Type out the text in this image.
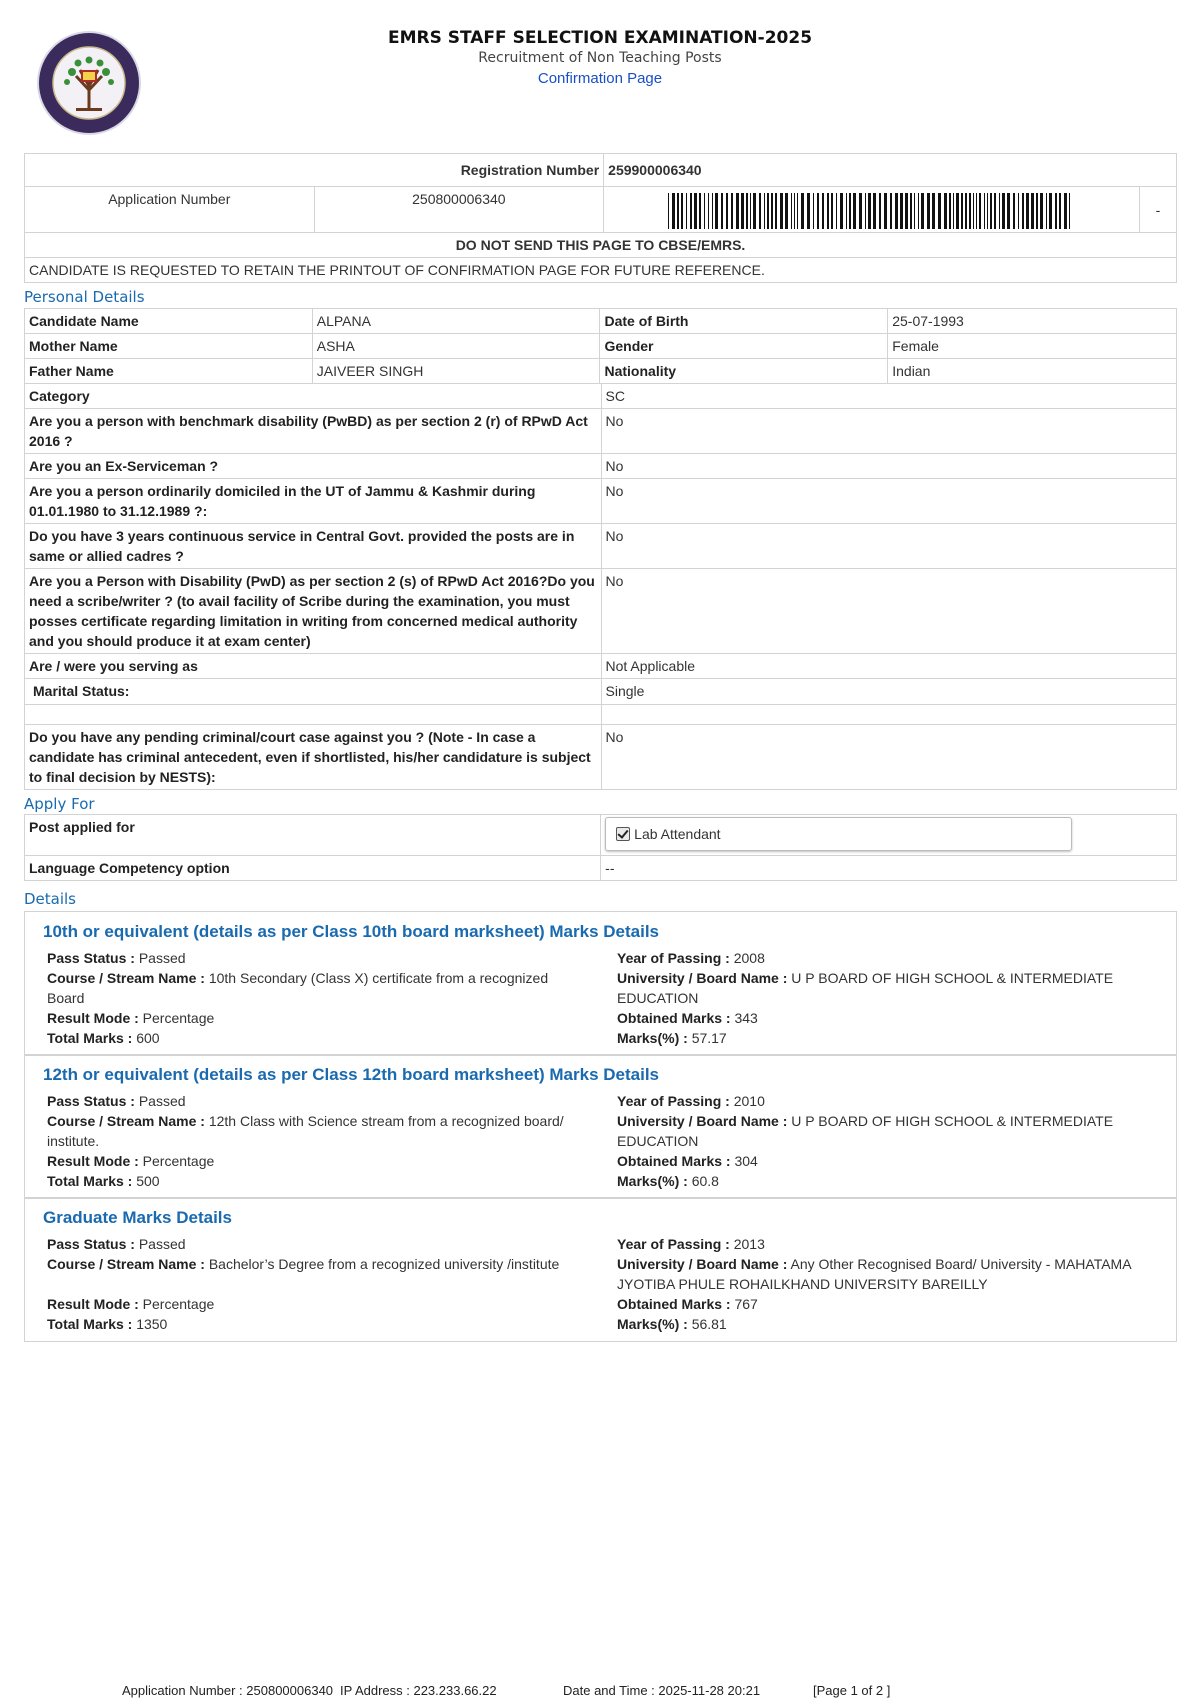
EMRS STAFF SELECTION EXAMINATION-2025
Recruitment of Non Teaching Posts
Confirmation Page
Registration Number		259900006340	
Application Number	250800006340		-
DO NOT SEND THIS PAGE TO CBSE/EMRS.			
CANDIDATE IS REQUESTED TO RETAIN THE PRINTOUT OF CONFIRMATION PAGE FOR FUTURE REFERENCE.			
Personal Details
Candidate Name	ALPANA	Date of Birth	25-07-1993
Mother Name	ASHA	Gender	Female
Father Name	JAIVEER SINGH	Nationality	Indian
Category	SC
Are you a person with benchmark disability (PwBD) as per section 2 (r) of RPwD Act 2016 ?	No
Are you an Ex-Serviceman ?	No
Are you a person ordinarily domiciled in the UT of Jammu & Kashmir during 01.01.1980 to 31.12.1989 ?:	No
Do you have 3 years continuous service in Central Govt. provided the posts are in same or allied cadres ?	No
Are you a Person with Disability (PwD) as per section 2 (s) of RPwD Act 2016?Do you need a scribe/writer ? (to avail facility of Scribe during the examination, you must posses certificate regarding limitation in writing from concerned medical authority and you should produce it at exam center)	No
Are / were you serving as	Not Applicable
Marital Status:	Single

Do you have any pending criminal/court case against you ? (Note - In case a candidate has criminal antecedent, even if shortlisted, his/her candidature is subject to final decision by NESTS):	No
Apply For
Post applied for	Lab Attendant

Language Competency option	--
Details
10th or equivalent (details as per Class 10th board marksheet) Marks Details
Pass Status : Passed
Course / Stream Name : 10th Secondary (Class X) certificate from a recognized Board
Result Mode : Percentage
Total Marks : 600
Year of Passing : 2008
University / Board Name : U P BOARD OF HIGH SCHOOL & INTERMEDIATE EDUCATION
Obtained Marks : 343
Marks(%) : 57.17
12th or equivalent (details as per Class 12th board marksheet) Marks Details
Pass Status : Passed
Course / Stream Name : 12th Class with Science stream from a recognized board/ institute.
Result Mode : Percentage
Total Marks : 500
Year of Passing : 2010
University / Board Name : U P BOARD OF HIGH SCHOOL & INTERMEDIATE EDUCATION
Obtained Marks : 304
Marks(%) : 60.8
Graduate Marks Details
Pass Status : Passed
Course / Stream Name : Bachelor’s Degree from a recognized university /institute
Result Mode : Percentage
Total Marks : 1350
Year of Passing : 2013
University / Board Name : Any Other Recognised Board/ University - MAHATAMA JYOTIBA PHULE ROHAILKHAND UNIVERSITY BAREILLY
Obtained Marks : 767
Marks(%) : 56.81
Application Number : 250800006340 IP Address : 223.233.66.22	Date and Time : 2025-11-28 20:21	[Page 1 of 2 ]
